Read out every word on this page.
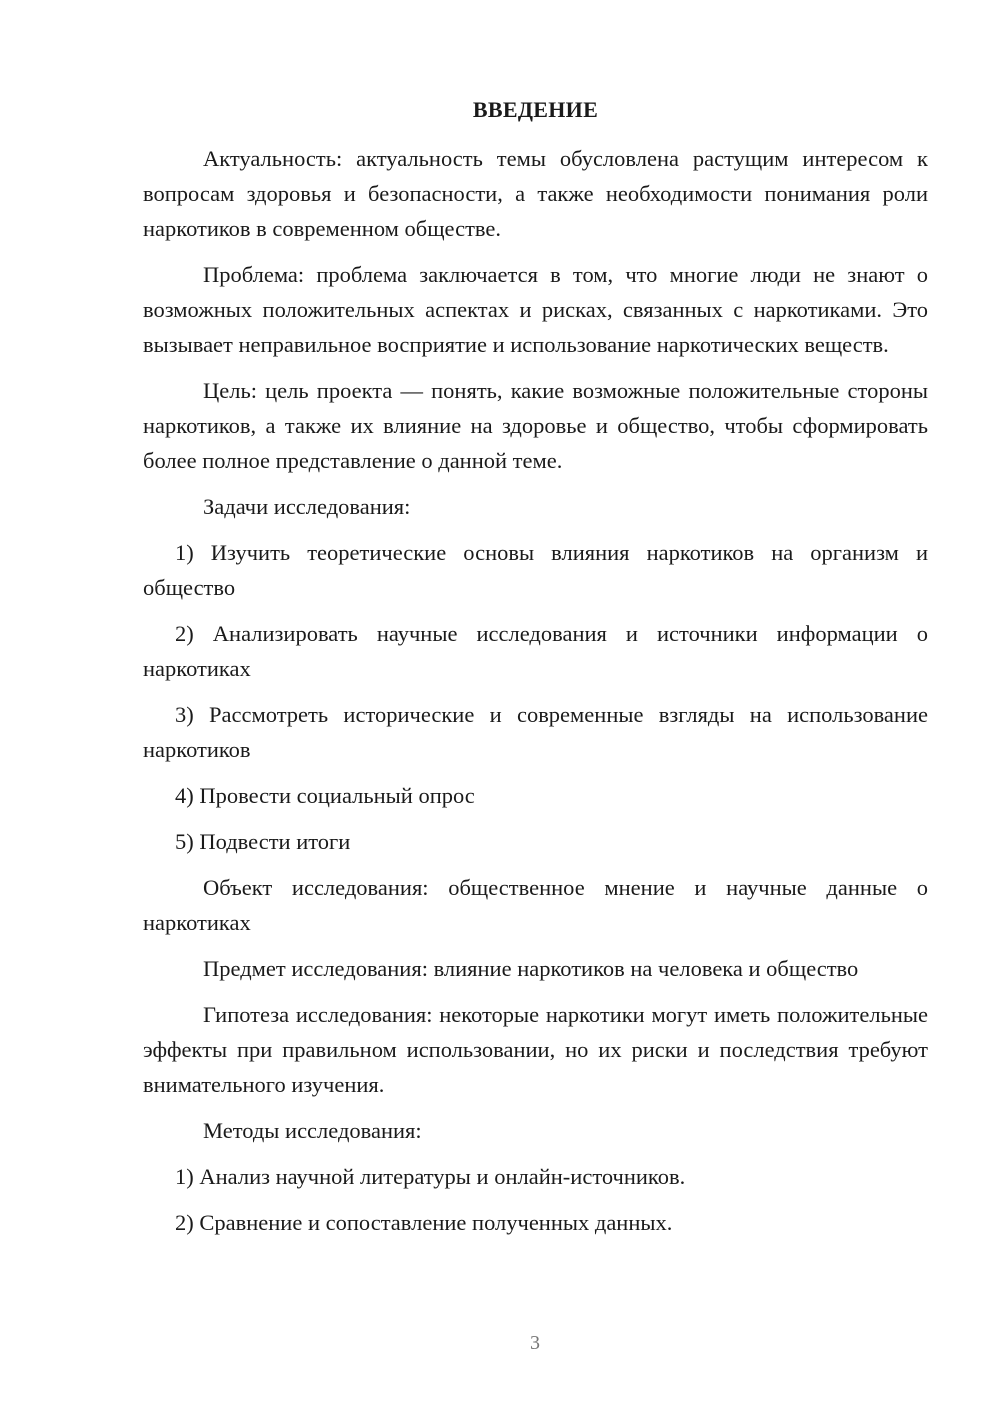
ВВЕДЕНИЕ

Актуальность: актуальность темы обусловлена растущим интересом к вопросам здоровья и безопасности, а также необходимости понимания роли наркотиков в современном обществе.

Проблема: проблема заключается в том, что многие люди не знают о возможных положительных аспектах и рисках, связанных с наркотиками. Это вызывает неправильное восприятие и использование наркотических веществ.

Цель: цель проекта — понять, какие возможные положительные стороны наркотиков, а также их влияние на здоровье и общество, чтобы сформировать более полное представление о данной теме.

Задачи исследования:

1) Изучить теоретические основы влияния наркотиков на организм и общество

2) Анализировать научные исследования и источники информации о наркотиках

3) Рассмотреть исторические и современные взгляды на использование наркотиков

4) Провести социальный опрос

5) Подвести итоги

Объект исследования: общественное мнение и научные данные о наркотиках

Предмет исследования: влияние наркотиков на человека и общество

Гипотеза исследования: некоторые наркотики могут иметь положительные эффекты при правильном использовании, но их риски и последствия требуют внимательного изучения.

Методы исследования:

1) Анализ научной литературы и онлайн-источников.

2) Сравнение и сопоставление полученных данных.

3
